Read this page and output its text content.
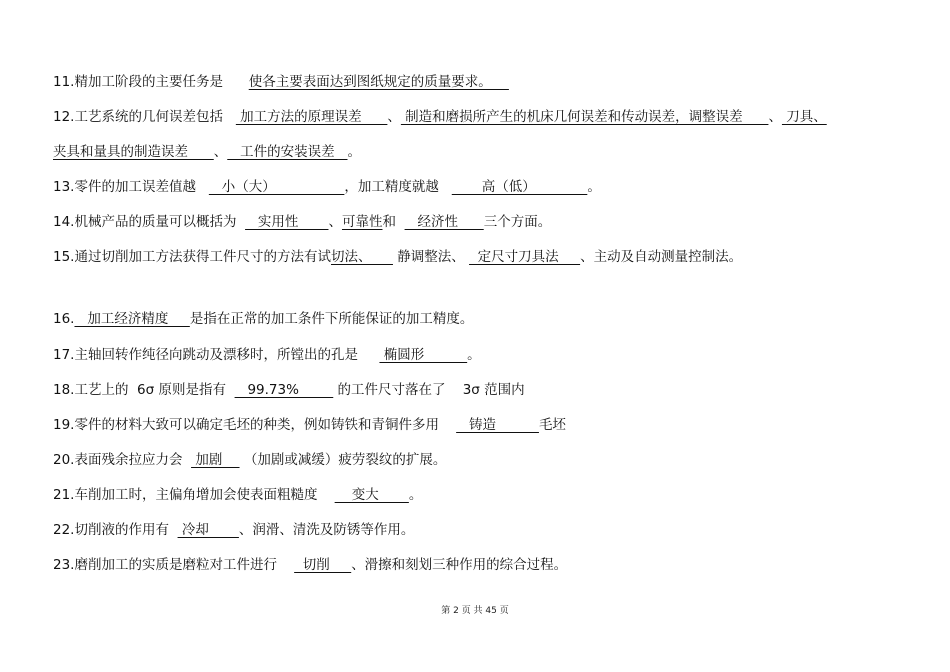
11.精加工阶段的主要任务是      使各主要表面达到图纸规定的质量要求。
12.工艺系统的几何误差包括    加工方法的原理误差      、 制造和磨损所产生的机床几何误差和传动误差，调整误差      、 刀具、
夹具和量具的制造误差      、   工件的安装误差   。
13.零件的加工误差值越      小（大）                ，加工精度就越          高（低）            。
14.机械产品的质量可以概括为     实用性       、可靠性和     经济性      三个方面。
15.通过切削加工方法获得工件尺寸的方法有试切法、      静调整法、   定尺寸刀具法     、主动及自动测量控制法。
16.   加工经济精度     是指在正常的加工条件下所能保证的加工精度。
17.主轴回转作纯径向跳动及漂移时，所镗出的孔是      椭圆形          。
18.工艺上的  6σ 原则是指有     99.73%         的工件尺寸落在了    3σ 范围内
19.零件的材料大致可以确定毛坯的种类，例如铸铁和青铜件多用       铸造          毛坯
20.表面残余拉应力会   加剧     （加剧或减缓）疲劳裂纹的扩展。
21.车削加工时，主偏角增加会使表面粗糙度        变大       。
22.切削液的作用有   冷却       、润滑、清洗及防锈等作用。
23.磨削加工的实质是磨粒对工件进行      切削     、滑擦和刻划三种作用的综合过程。
第 2 页 共 45 页
